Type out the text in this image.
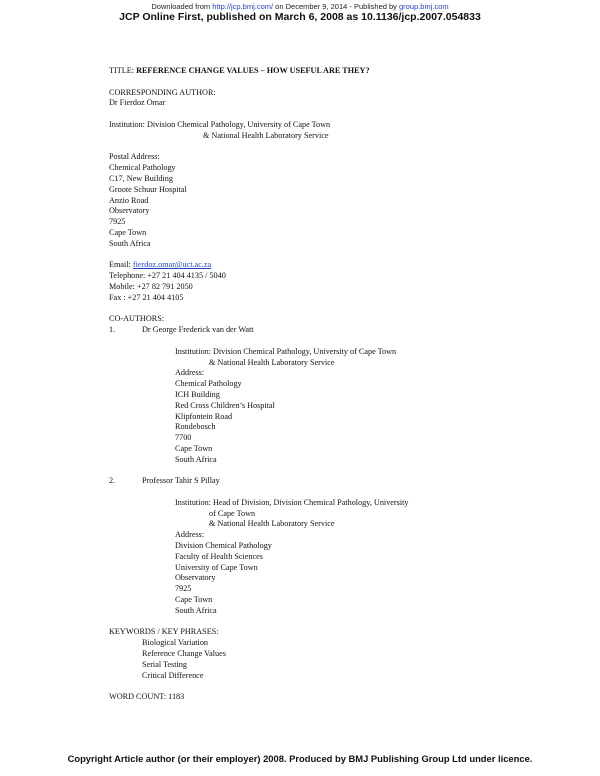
Downloaded from http://jcp.bmj.com/ on December 9, 2014 - Published by group.bmj.com
JCP Online First, published on March 6, 2008 as 10.1136/jcp.2007.054833
TITLE: REFERENCE CHANGE VALUES – HOW USEFUL ARE THEY?
CORRESPONDING AUTHOR:
Dr Fierdoz Omar
Institution: Division Chemical Pathology, University of Cape Town
& National Health Laboratory Service
Postal Address:
Chemical Pathology
C17, New Building
Groote Schuur Hospital
Anzio Road
Observatory
7925
Cape Town
South Africa
Email: fierdoz.omar@uct.ac.za
Telephone: +27 21 404 4135 / 5040
Mobile: +27 82 791 2050
Fax : +27 21 404 4105
CO-AUTHORS:
1.	Dr George Frederick van der Watt
Institution: Division Chemical Pathology, University of Cape Town
& National Health Laboratory Service
Address:
Chemical Pathology
ICH Building
Red Cross Children’s Hospital
Klipfontein Road
Rondebosch
7700
Cape Town
South Africa
2.	Professor Tahir S Pillay
Institution: Head of Division, Division Chemical Pathology, University
of Cape Town
& National Health Laboratory Service
Address:
Division Chemical Pathology
Faculty of Health Sciences
University of Cape Town
Observatory
7925
Cape Town
South Africa
KEYWORDS / KEY PHRASES:
Biological Variation
Reference Change Values
Serial Testing
Critical Difference
WORD COUNT: 1183
Copyright Article author (or their employer) 2008. Produced by BMJ Publishing Group Ltd under licence.
